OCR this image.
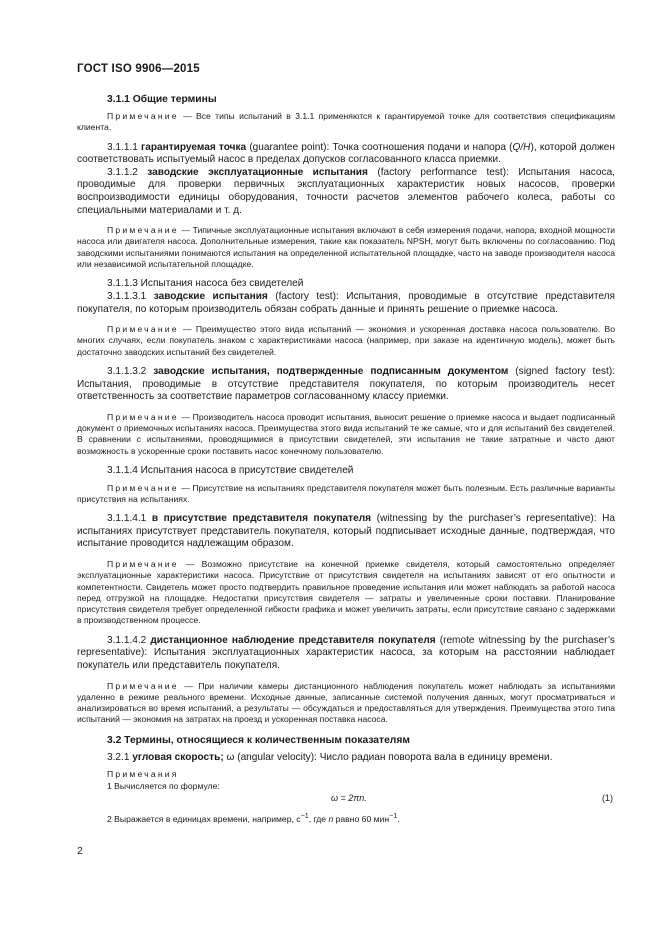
ГОСТ ISO 9906—2015

3.1.1 Общие термины

Примечание — Все типы испытаний в 3.1.1 применяются к гарантируемой точке для соответствия спецификациям клиента.

3.1.1.1 гарантируемая точка (guarantee point): Точка соотношения подачи и напора (Q/H), которой должен соответствовать испытуемый насос в пределах допусков согласованного класса приемки.

3.1.1.2 заводские эксплуатационные испытания (factory performance test): Испытания насоса, проводимые для проверки первичных эксплуатационных характеристик новых насосов, проверки воспроизводимости единицы оборудования, точности расчетов элементов рабочего колеса, работы со специальными материалами и т. д.

Примечание — Типичные эксплуатационные испытания включают в себя измерения подачи, напора, входной мощности насоса или двигателя насоса. Дополнительные измерения, такие как показатель NPSH, могут быть включены по согласованию. Под заводскими испытаниями понимаются испытания на определенной испытательной площадке, часто на заводе производителя насоса или независимой испытательной площадке.

3.1.1.3 Испытания насоса без свидетелей

3.1.1.3.1 заводские испытания (factory test): Испытания, проводимые в отсутствие представителя покупателя, по которым производитель обязан собрать данные и принять решение о приемке насоса.

Примечание — Преимущество этого вида испытаний — экономия и ускоренная доставка насоса пользователю. Во многих случаях, если покупатель знаком с характеристиками насоса (например, при заказе на идентичную модель), может быть достаточно заводских испытаний без свидетелей.

3.1.1.3.2 заводские испытания, подтвержденные подписанным документом (signed factory test): Испытания, проводимые в отсутствие представителя покупателя, по которым производитель несет ответственность за соответствие параметров согласованному классу приемки.

Примечание — Производитель насоса проводит испытания, выносит решение о приемке насоса и выдает подписанный документ о приемочных испытаниях насоса. Преимущества этого вида испытаний те же самые, что и для испытаний без свидетелей. В сравнении с испытаниями, проводящимися в присутствии свидетелей, эти испытания не такие затратные и часто дают возможность в ускоренные сроки поставить насос конечному пользователю.

3.1.1.4 Испытания насоса в присутствие свидетелей

Примечание — Присутствие на испытаниях представителя покупателя может быть полезным. Есть различные варианты присутствия на испытаниях.

3.1.1.4.1 в присутствие представителя покупателя (witnessing by the purchaser’s representative): На испытаниях присутствует представитель покупателя, который подписывает исходные данные, подтверждая, что испытание проводится надлежащим образом.

Примечание — Возможно присутствие на конечной приемке свидетеля, который самостоятельно определяет эксплуатационные характеристики насоса. Присутствие от присутствия свидетеля на испытаниях зависят от его опытности и компетентности. Свидетель может просто подтвердить правильное проведение испытания или может наблюдать за работой насоса перед отгрузкой на площадке. Недостатки присутствия свидетеля — затраты и увеличенные сроки поставки. Планирование присутствия свидетеля требует определенной гибкости графика и может увеличить затраты, если присутствие связано с задержками в производственном процессе.

3.1.1.4.2 дистанционное наблюдение представителя покупателя (remote witnessing by the purchaser’s representative): Испытания эксплуатационных характеристик насоса, за которым на расстоянии наблюдает покупатель или представитель покупателя.

Примечание — При наличии камеры дистанционного наблюдения покупатель может наблюдать за испытаниями удаленно в режиме реального времени. Исходные данные, записанные системой получения данных, могут просматриваться и анализироваться во время испытаний, а результаты — обсуждаться и предоставляться для утверждения. Преимущества этого типа испытаний — экономия на затратах на проезд и ускоренная поставка насоса.

3.2 Термины, относящиеся к количественным показателям

3.2.1 угловая скорость; ω (angular velocity): Число радиан поворота вала в единицу времени.

Примечания

1 Вычисляется по формуле:

ω = 2πn.	(1)

2 Выражается в единицах времени, например, $с^{-1}$, где n равно 60 мин$^{-1}$.

2
